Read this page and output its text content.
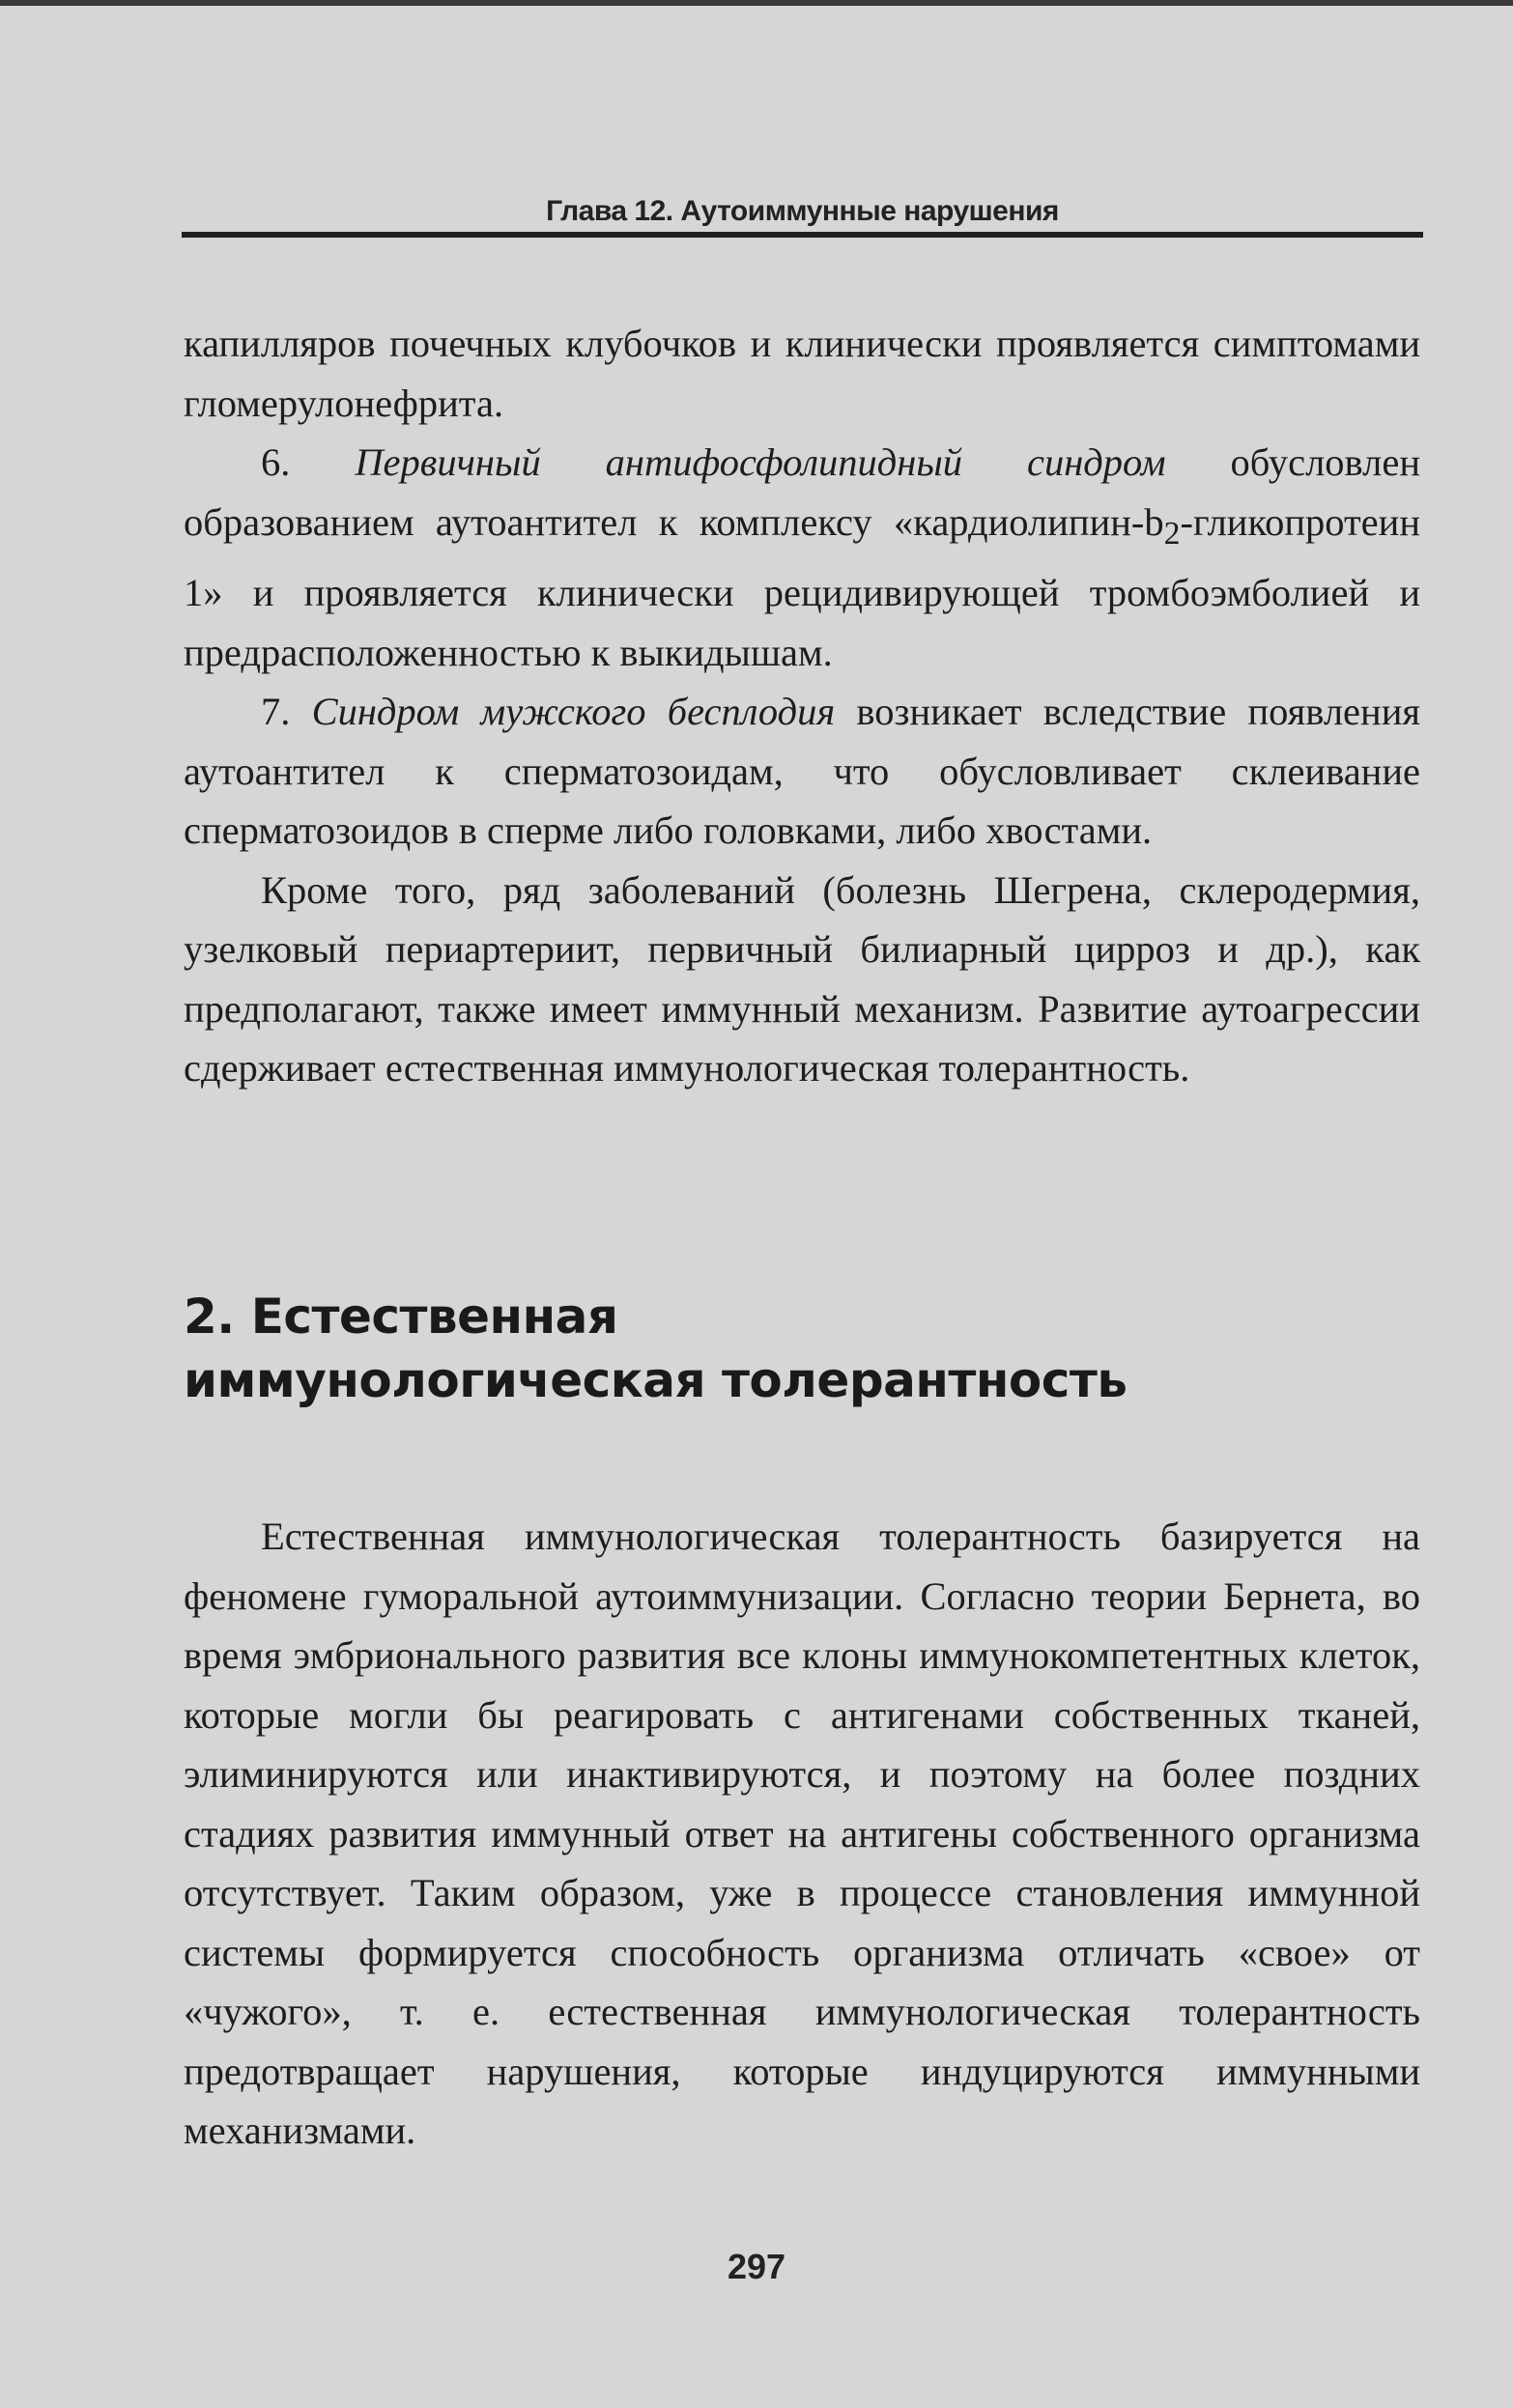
Глава 12. Аутоиммунные нарушения

капилляров почечных клубочков и клинически проявляется симптомами гломерулонефрита.

6. Первичный антифосфолипидный синдром обусловлен образованием аутоантител к комплексу «$кардиолипин-b_2$-гликопротеин 1» и проявляется клинически рецидивирующей тромбоэмболией и предрасположенностью к выкидышам.

7. Синдром мужского бесплодия возникает вследствие появления аутоантител к сперматозоидам, что обусловливает склеивание сперматозоидов в сперме либо головками, либо хвостами.

Кроме того, ряд заболеваний (болезнь Шегрена, склеродермия, узелковый периартериит, первичный билиарный цирроз и др.), как предполагают, также имеет иммунный механизм. Развитие аутоагрессии сдерживает естественная иммунологическая толерантность.

2. Естественная
иммунологическая толерантность

Естественная иммунологическая толерантность базируется на феномене гуморальной аутоиммунизации. Согласно теории Бернета, во время эмбрионального развития все клоны иммунокомпетентных клеток, которые могли бы реагировать с антигенами собственных тканей, элиминируются или инактивируются, и поэтому на более поздних стадиях развития иммунный ответ на антигены собственного организма отсутствует. Таким образом, уже в процессе становления иммунной системы формируется способность организма отличать «свое» от «чужого», т. е. естественная иммунологическая толерантность предотвращает нарушения, которые индуцируются иммунными механизмами.

297
